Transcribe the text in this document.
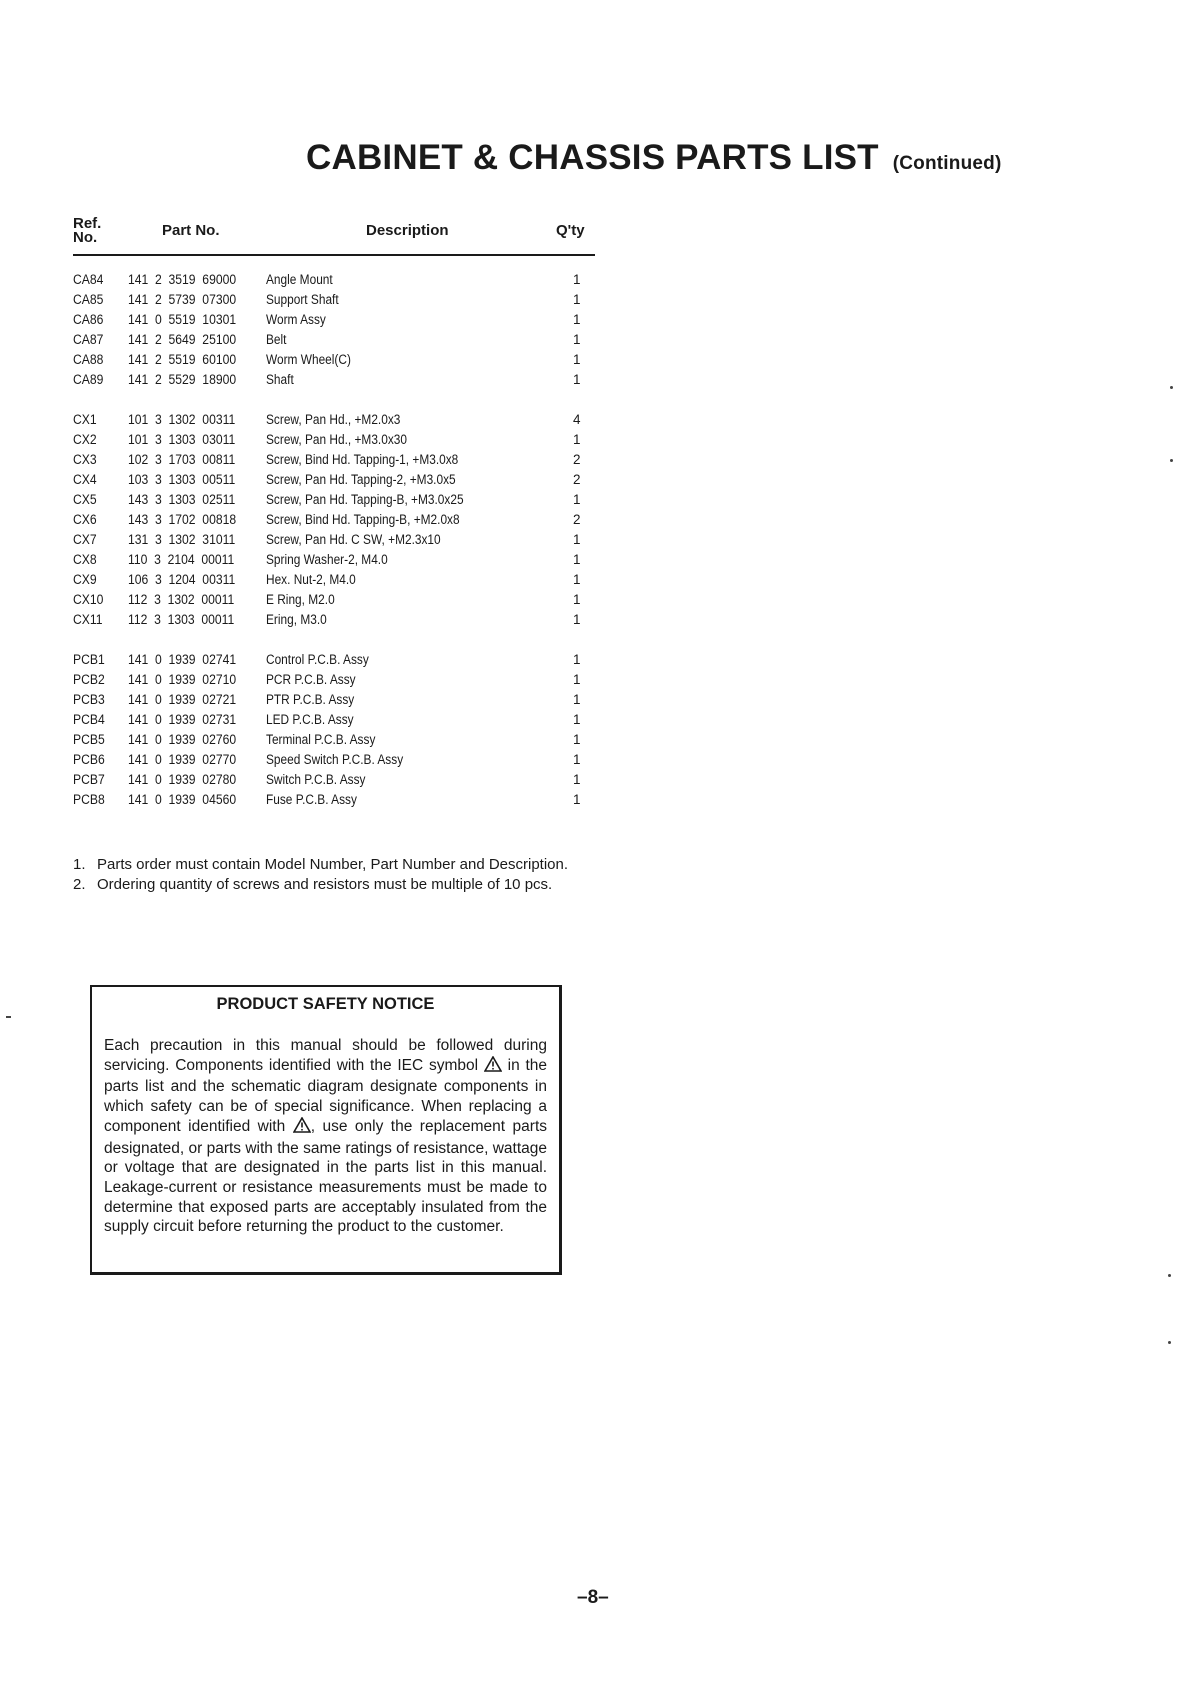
CABINET & CHASSIS PARTS LIST (Continued)
Ref.
No.	Part No.	Description	Q'ty
CA84 141  2  3519  69000 Angle Mount	1
CA85 141  2  5739  07300 Support Shaft	1
CA86 141  0  5519  10301 Worm Assy	1
CA87 141  2  5649  25100 Belt	1
CA88 141  2  5519  60100 Worm Wheel(C)	1
CA89 141  2  5529  18900 Shaft	1
CX1 101  3  1302  00311 Screw, Pan Hd., +M2.0x3	4
CX2 101  3  1303  03011 Screw, Pan Hd., +M3.0x30	1
CX3 102  3  1703  00811 Screw, Bind Hd. Tapping-1, +M3.0x8	2
CX4 103  3  1303  00511 Screw, Pan Hd. Tapping-2, +M3.0x5	2
CX5 143  3  1303  02511 Screw, Pan Hd. Tapping-B, +M3.0x25	1
CX6 143  3  1702  00818 Screw, Bind Hd. Tapping-B, +M2.0x8	2
CX7 131  3  1302  31011 Screw, Pan Hd. C SW, +M2.3x10	1
CX8 110  3  2104  00011 Spring Washer-2, M4.0	1
CX9 106  3  1204  00311 Hex. Nut-2, M4.0	1
CX10 112  3  1302  00011 E Ring, M2.0	1
CX11 112  3  1303  00011 Ering, M3.0	1
PCB1 141  0  1939  02741 Control P.C.B. Assy	1
PCB2 141  0  1939  02710 PCR P.C.B. Assy	1
PCB3 141  0  1939  02721 PTR P.C.B. Assy	1
PCB4 141  0  1939  02731 LED P.C.B. Assy	1
PCB5 141  0  1939  02760 Terminal P.C.B. Assy	1
PCB6 141  0  1939  02770 Speed Switch P.C.B. Assy	1
PCB7 141  0  1939  02780 Switch P.C.B. Assy	1
PCB8 141  0  1939  04560 Fuse P.C.B. Assy	1
1. Parts order must contain Model Number, Part Number and Description.
2. Ordering quantity of screws and resistors must be multiple of 10 pcs.
PRODUCT SAFETY NOTICE
Each precaution in this manual should be followed during servicing. Components identified with the IEC symbol in the parts list and the schematic diagram designate components in which safety can be of special significance. When replacing a component identified with , use only the replacement parts designated, or parts with the same ratings of resistance, wattage or voltage that are designated in the parts list in this manual. Leakage-current or resistance measurements must be made to determine that exposed parts are acceptably insulated from the supply circuit before returning the product to the customer.
–8–
